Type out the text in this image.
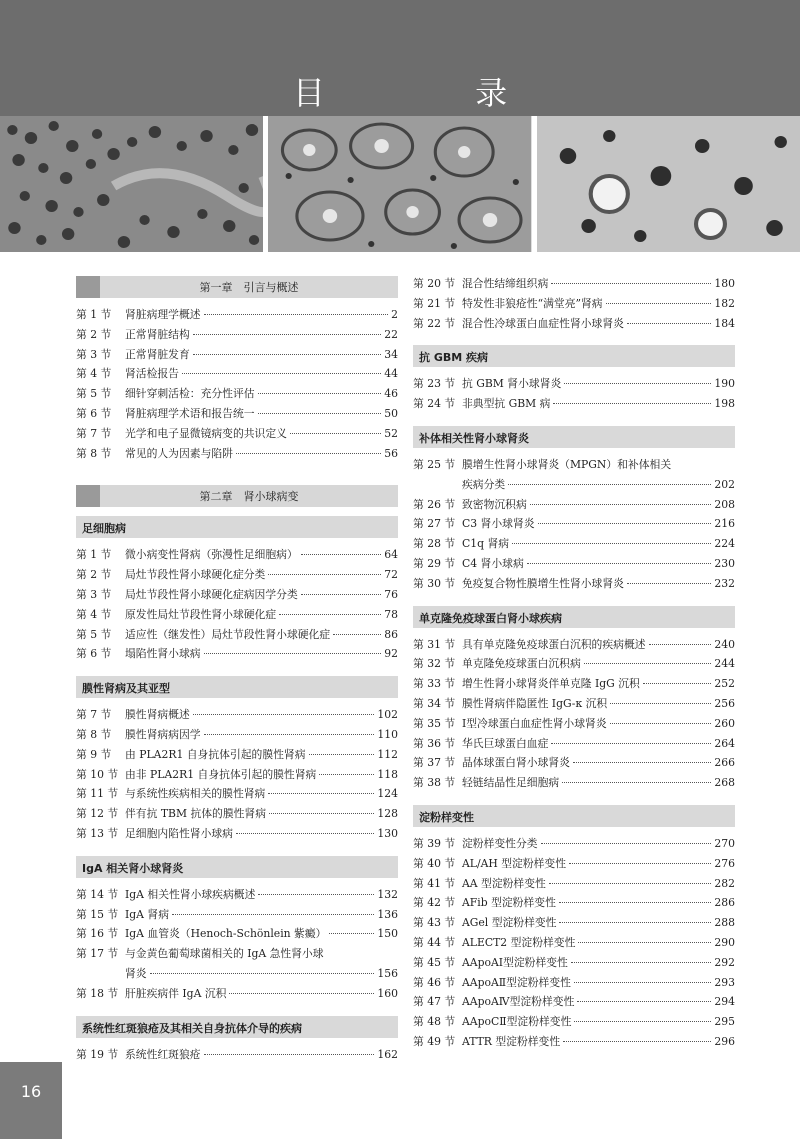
目 录
16
第一章　引言与概述
第 1 节	肾脏病理学概述	2
第 2 节	正常肾脏结构	22
第 3 节	正常肾脏发育	34
第 4 节	肾活检报告	44
第 5 节	细针穿刺活检：充分性评估	46
第 6 节	肾脏病理学术语和报告统一	50
第 7 节	光学和电子显微镜病变的共识定义	52
第 8 节	常见的人为因素与陷阱	56
第二章　肾小球病变
足细胞病
第 1 节	微小病变性肾病（弥漫性足细胞病）	64
第 2 节	局灶节段性肾小球硬化症分类	72
第 3 节	局灶节段性肾小球硬化症病因学分类	76
第 4 节	原发性局灶节段性肾小球硬化症	78
第 5 节	适应性（继发性）局灶节段性肾小球硬化症	86
第 6 节	塌陷性肾小球病	92
膜性肾病及其亚型
第 7 节	膜性肾病概述	102
第 8 节	膜性肾病病因学	110
第 9 节	由 PLA2R1 自身抗体引起的膜性肾病	112
第 10 节 由非 PLA2R1 自身抗体引起的膜性肾病	118
第 11 节 与系统性疾病相关的膜性肾病	124
第 12 节 伴有抗 TBM 抗体的膜性肾病	128
第 13 节 足细胞内陷性肾小球病	130
IgA 相关肾小球肾炎
第 14 节 IgA 相关性肾小球疾病概述	132
第 15 节 IgA 肾病	136
第 16 节 IgA 血管炎（Henoch-Schönlein 紫癜）	150
第 17 节 与金黄色葡萄球菌相关的 IgA 急性肾小球
肾炎	156
第 18 节 肝脏疾病伴 IgA 沉积	160
系统性红斑狼疮及其相关自身抗体介导的疾病
第 19 节 系统性红斑狼疮	162
第 20 节 混合性结缔组织病	180
第 21 节 特发性非狼疮性“满堂亮”肾病	182
第 22 节 混合性冷球蛋白血症性肾小球肾炎	184
抗 GBM 疾病
第 23 节 抗 GBM 肾小球肾炎	190
第 24 节 非典型抗 GBM 病	198
补体相关性肾小球肾炎
第 25 节 膜增生性肾小球肾炎（MPGN）和补体相关
疾病分类	202
第 26 节 致密物沉积病	208
第 27 节 C3 肾小球肾炎	216
第 28 节 C1q 肾病	224
第 29 节 C4 肾小球病	230
第 30 节 免疫复合物性膜增生性肾小球肾炎	232
单克隆免疫球蛋白肾小球疾病
第 31 节 具有单克隆免疫球蛋白沉积的疾病概述	240
第 32 节 单克隆免疫球蛋白沉积病	244
第 33 节 增生性肾小球肾炎伴单克隆 IgG 沉积	252
第 34 节 膜性肾病伴隐匿性 IgG-κ 沉积	256
第 35 节 Ⅰ型冷球蛋白血症性肾小球肾炎	260
第 36 节 华氏巨球蛋白血症	264
第 37 节 晶体球蛋白肾小球肾炎	266
第 38 节 轻链结晶性足细胞病	268
淀粉样变性
第 39 节 淀粉样变性分类	270
第 40 节 AL/AH 型淀粉样变性	276
第 41 节 AA 型淀粉样变性	282
第 42 节 AFib 型淀粉样变性	286
第 43 节 AGel 型淀粉样变性	288
第 44 节 ALECT2 型淀粉样变性	290
第 45 节 AApoAⅠ型淀粉样变性	292
第 46 节 AApoAⅡ型淀粉样变性	293
第 47 节 AApoAⅣ型淀粉样变性	294
第 48 节 AApoCⅡ型淀粉样变性	295
第 49 节 ATTR 型淀粉样变性	296
